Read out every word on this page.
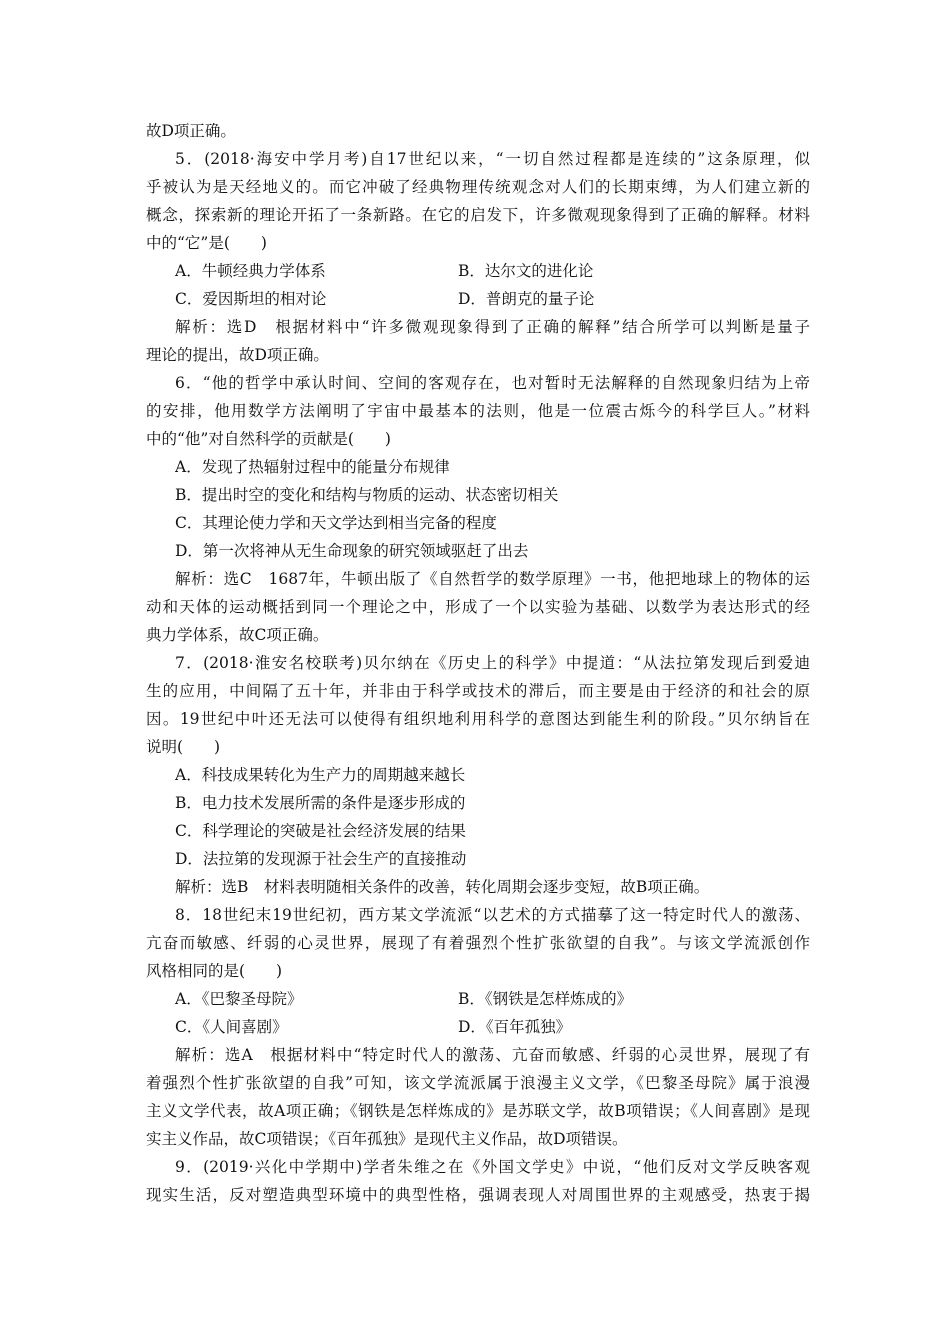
故D项正确。
5．(2018·海安中学月考)自17世纪以来，“一切自然过程都是连续的”这条原理，似
乎被认为是天经地义的。而它冲破了经典物理传统观念对人们的长期束缚，为人们建立新的
概念，探索新的理论开拓了一条新路。在它的启发下，许多微观现象得到了正确的解释。材料
中的“它”是(　　)
A．牛顿经典力学体系	B．达尔文的进化论
C．爱因斯坦的相对论	D．普朗克的量子论
解析：选D　根据材料中“许多微观现象得到了正确的解释”结合所学可以判断是量子
理论的提出，故D项正确。
6．“他的哲学中承认时间、空间的客观存在，也对暂时无法解释的自然现象归结为上帝
的安排，他用数学方法阐明了宇宙中最基本的法则，他是一位震古烁今的科学巨人。”材料
中的“他”对自然科学的贡献是(　　)
A．发现了热辐射过程中的能量分布规律
B．提出时空的变化和结构与物质的运动、状态密切相关
C．其理论使力学和天文学达到相当完备的程度
D．第一次将神从无生命现象的研究领域驱赶了出去
解析：选C　1687年，牛顿出版了《自然哲学的数学原理》一书，他把地球上的物体的运
动和天体的运动概括到同一个理论之中，形成了一个以实验为基础、以数学为表达形式的经
典力学体系，故C项正确。
7．(2018·淮安名校联考)贝尔纳在《历史上的科学》中提道：“从法拉第发现后到爱迪
生的应用，中间隔了五十年，并非由于科学或技术的滞后，而主要是由于经济的和社会的原
因。19世纪中叶还无法可以使得有组织地利用科学的意图达到能生利的阶段。”贝尔纳旨在
说明(　　)
A．科技成果转化为生产力的周期越来越长
B．电力技术发展所需的条件是逐步形成的
C．科学理论的突破是社会经济发展的结果
D．法拉第的发现源于社会生产的直接推动
解析：选B　材料表明随相关条件的改善，转化周期会逐步变短，故B项正确。
8．18世纪末19世纪初，西方某文学流派“以艺术的方式描摹了这一特定时代人的激荡、
亢奋而敏感、纤弱的心灵世界，展现了有着强烈个性扩张欲望的自我”。与该文学流派创作
风格相同的是(　　)
A．《巴黎圣母院》	B．《钢铁是怎样炼成的》
C．《人间喜剧》	D．《百年孤独》
解析：选A　根据材料中“特定时代人的激荡、亢奋而敏感、纤弱的心灵世界，展现了有
着强烈个性扩张欲望的自我”可知，该文学流派属于浪漫主义文学，《巴黎圣母院》属于浪漫
主义文学代表，故A项正确；《钢铁是怎样炼成的》是苏联文学，故B项错误；《人间喜剧》是现
实主义作品，故C项错误；《百年孤独》是现代主义作品，故D项错误。
9．(2019·兴化中学期中)学者朱维之在《外国文学史》中说，“他们反对文学反映客观
现实生活，反对塑造典型环境中的典型性格，强调表现人对周围世界的主观感受，热衷于揭
